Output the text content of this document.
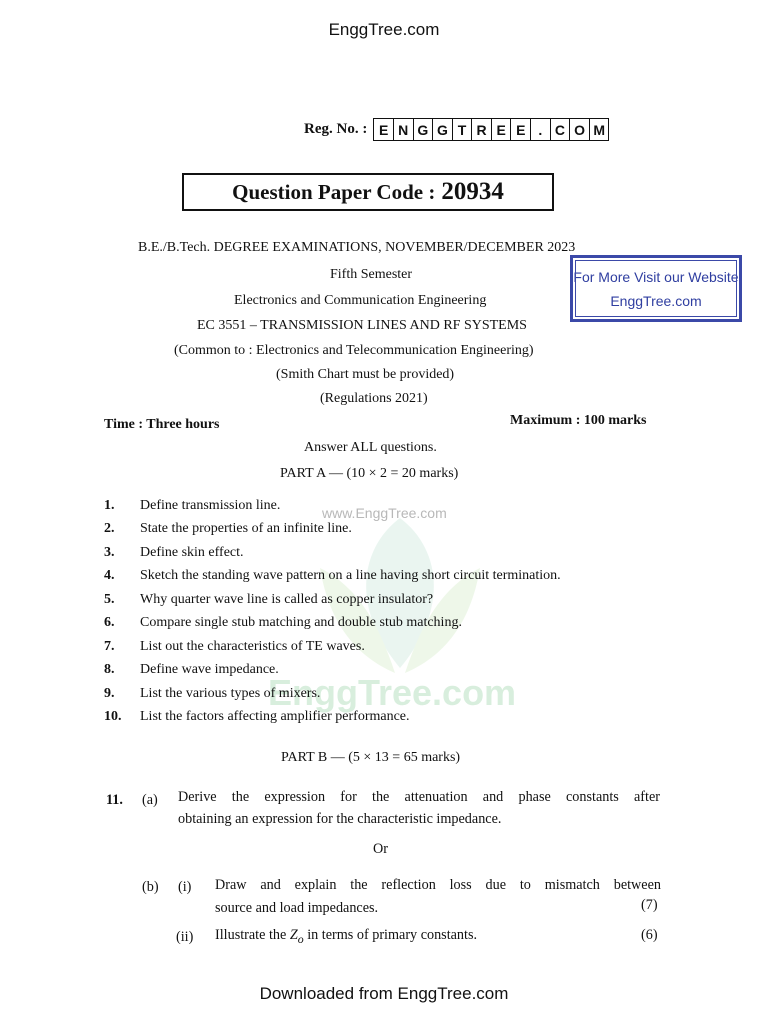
EnggTree.com
Downloaded from EnggTree.com
www.EnggTree.com
EnggTree.com
Reg. No. : E N G G T R E E . C O M
Question Paper Code : 20934
For More Visit our Website
EnggTree.com
B.E./B.Tech. DEGREE EXAMINATIONS, NOVEMBER/DECEMBER 2023
Fifth Semester
Electronics and Communication Engineering
EC 3551 – TRANSMISSION LINES AND RF SYSTEMS
(Common to : Electronics and Telecommunication Engineering)
(Smith Chart must be provided)
(Regulations 2021)
Time : Three hours	Maximum : 100 marks
Answer ALL questions.
PART A — (10 × 2 = 20 marks)
1.	Define transmission line.
2.	State the properties of an infinite line.
3.	Define skin effect.
4.	Sketch the standing wave pattern on a line having short circuit termination.
5.	Why quarter wave line is called as copper insulator?
6.	Compare single stub matching and double stub matching.
7.	List out the characteristics of TE waves.
8.	Define wave impedance.
9.	List the various types of mixers.
10.	List the factors affecting amplifier performance.
PART B — (5 × 13 = 65 marks)
11. (a) Derive the expression for the attenuation and phase constants after
obtaining an expression for the characteristic impedance.
Or
(b) (i) Draw and explain the reflection loss due to mismatch between
source and load impedances.	(7)
(ii) Illustrate the $Z_o$ in terms of primary constants.	(6)
